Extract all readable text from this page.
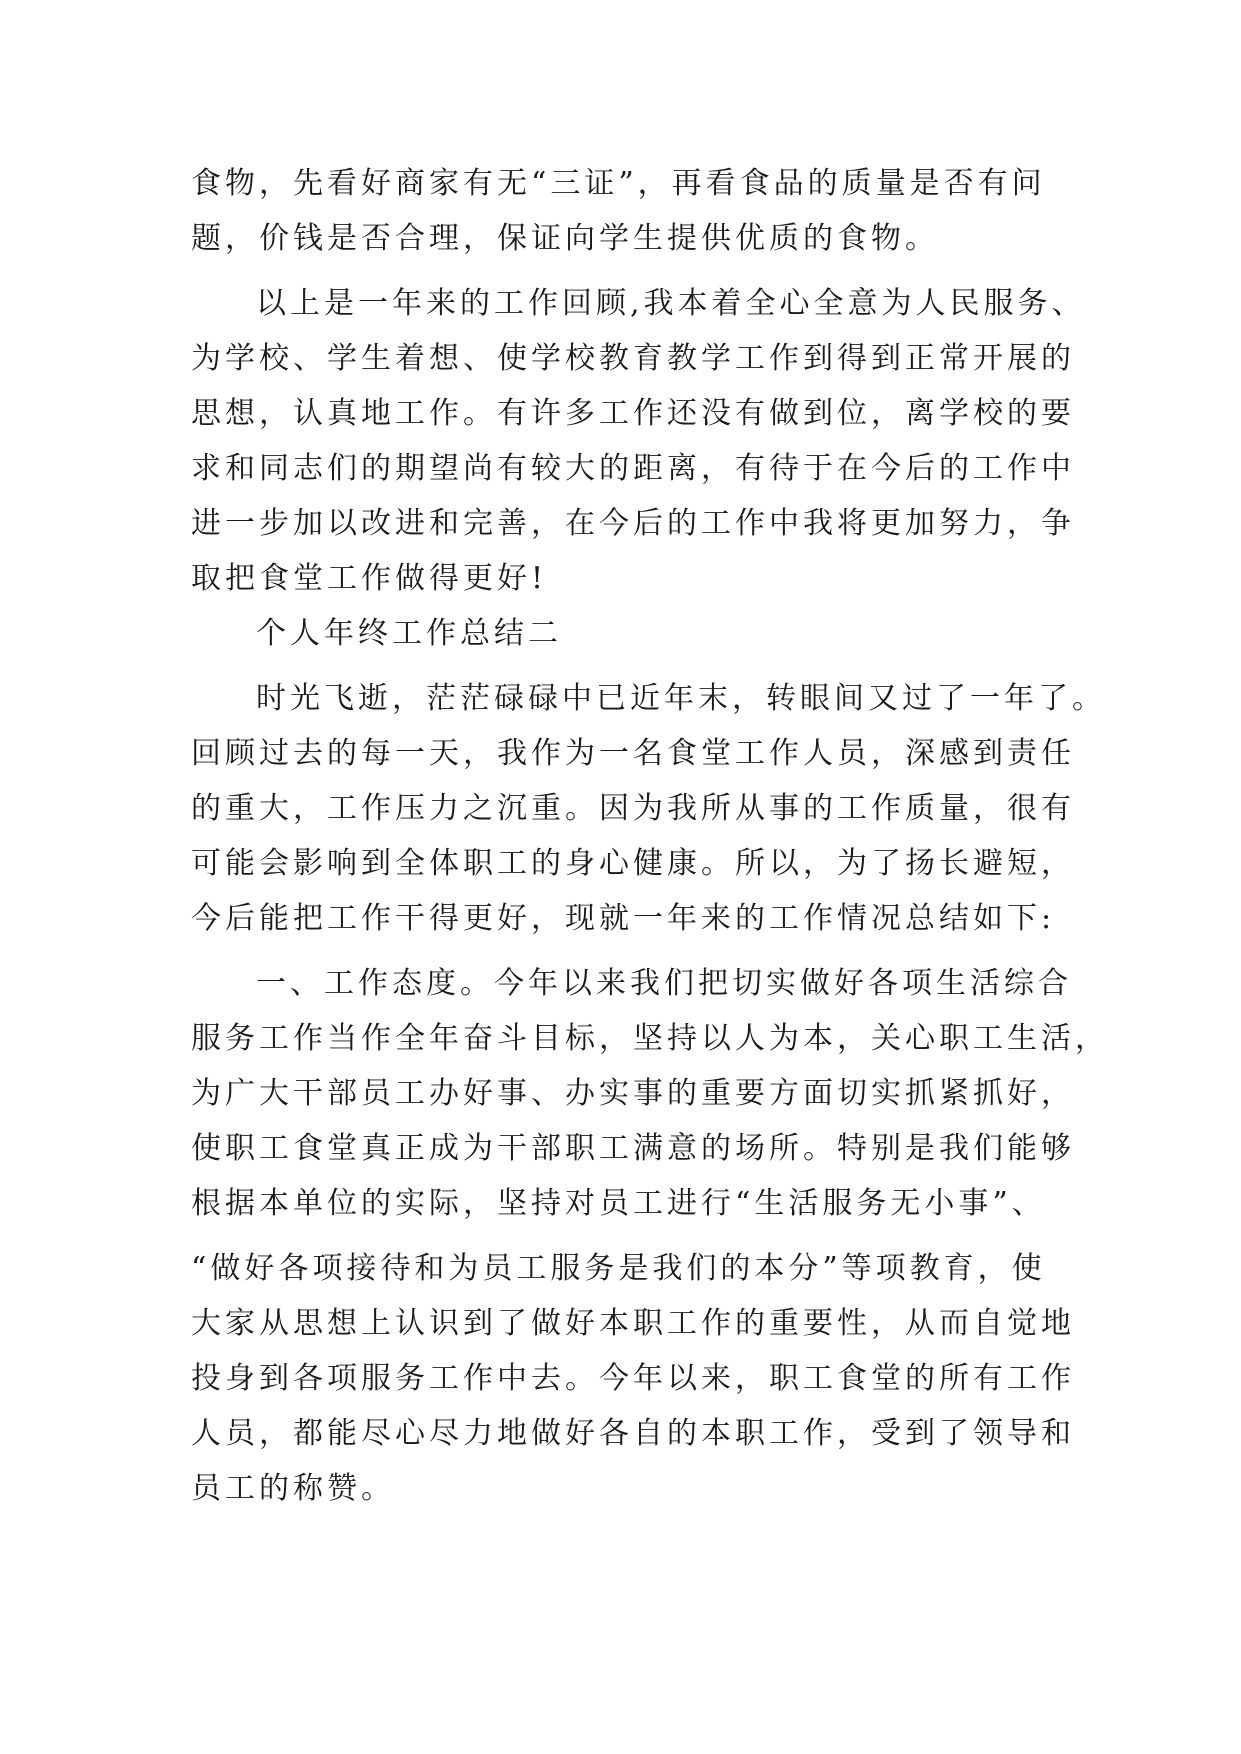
食物，先看好商家有无“三证”，再看食品的质量是否有问
题，价钱是否合理，保证向学生提供优质的食物。
以上是一年来的工作回顾,我本着全心全意为人民服务、
为学校、学生着想、使学校教育教学工作到得到正常开展的
思想，认真地工作。有许多工作还没有做到位，离学校的要
求和同志们的期望尚有较大的距离，有待于在今后的工作中
进一步加以改进和完善，在今后的工作中我将更加努力，争
取把食堂工作做得更好!
个人年终工作总结二
时光飞逝，茫茫碌碌中已近年末，转眼间又过了一年了。
回顾过去的每一天，我作为一名食堂工作人员，深感到责任
的重大，工作压力之沉重。因为我所从事的工作质量，很有
可能会影响到全体职工的身心健康。所以，为了扬长避短，
今后能把工作干得更好，现就一年来的工作情况总结如下:
一、工作态度。今年以来我们把切实做好各项生活综合
服务工作当作全年奋斗目标，坚持以人为本，关心职工生活，
为广大干部员工办好事、办实事的重要方面切实抓紧抓好，
使职工食堂真正成为干部职工满意的场所。特别是我们能够
根据本单位的实际，坚持对员工进行“生活服务无小事”、
“做好各项接待和为员工服务是我们的本分”等项教育，使
大家从思想上认识到了做好本职工作的重要性，从而自觉地
投身到各项服务工作中去。今年以来，职工食堂的所有工作
人员，都能尽心尽力地做好各自的本职工作，受到了领导和
员工的称赞。
